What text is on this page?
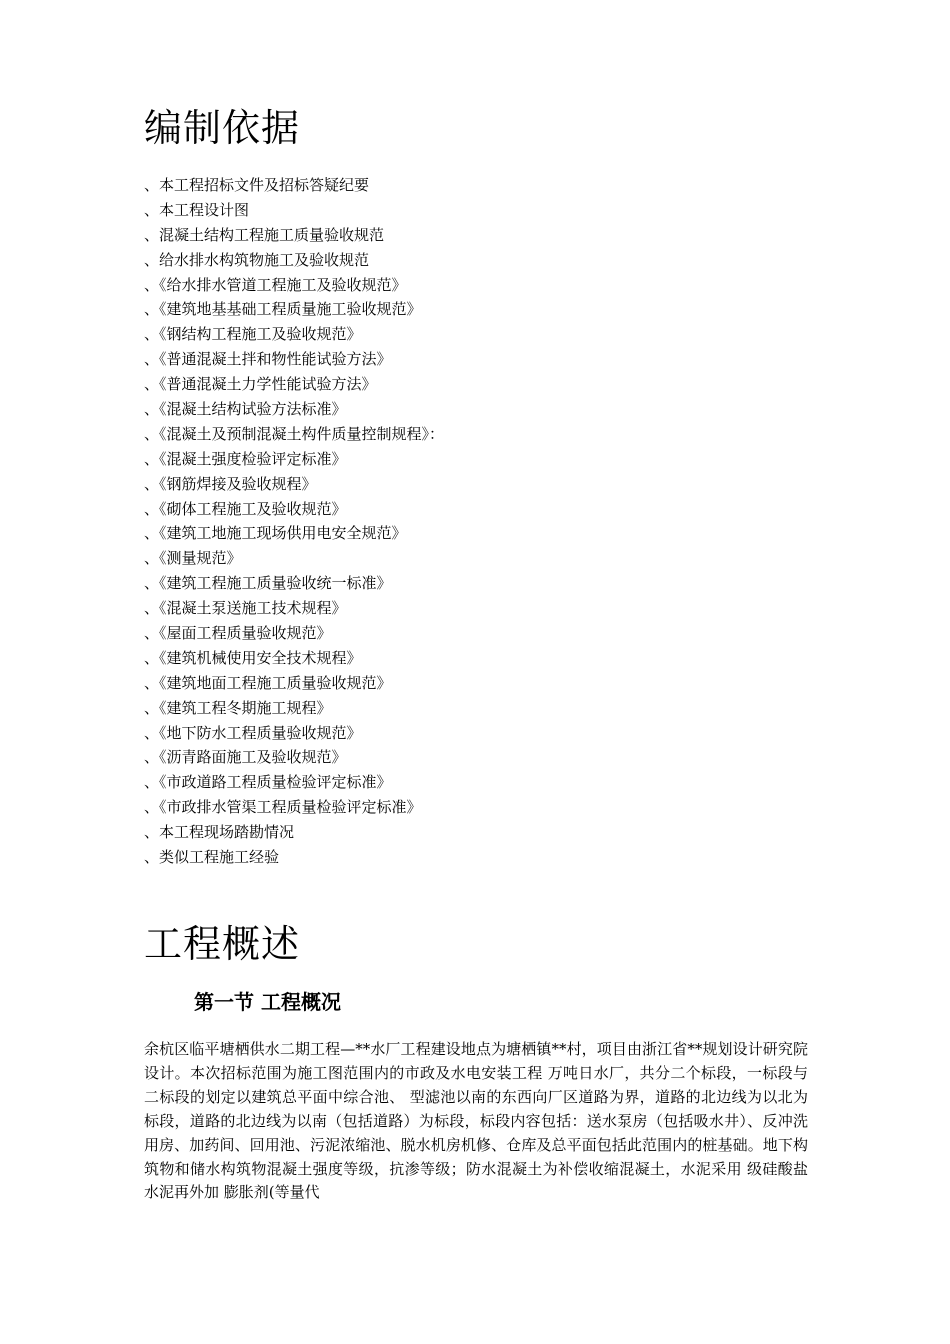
编制依据
、本工程招标文件及招标答疑纪要
、本工程设计图
、混凝土结构工程施工质量验收规范
、给水排水构筑物施工及验收规范
、《给水排水管道工程施工及验收规范》
、《建筑地基基础工程质量施工验收规范》
、《钢结构工程施工及验收规范》
、《普通混凝土拌和物性能试验方法》
、《普通混凝土力学性能试验方法》
、《混凝土结构试验方法标准》
、《混凝土及预制混凝土构件质量控制规程》：
、《混凝土强度检验评定标准》
、《钢筋焊接及验收规程》
、《砌体工程施工及验收规范》
、《建筑工地施工现场供用电安全规范》
、《测量规范》
、《建筑工程施工质量验收统一标准》
、《混凝土泵送施工技术规程》
、《屋面工程质量验收规范》
、《建筑机械使用安全技术规程》
、《建筑地面工程施工质量验收规范》
、《建筑工程冬期施工规程》
、《地下防水工程质量验收规范》
、《沥青路面施工及验收规范》
、《市政道路工程质量检验评定标准》
、《市政排水管渠工程质量检验评定标准》
、本工程现场踏勘情况
、类似工程施工经验
工程概述
第一节 工程概况

余杭区临平塘栖供水二期工程—**水厂工程建设地点为塘栖镇**村，项目由浙江省**规划设计研究院设计。本次招标范围为施工图范围内的市政及水电安装工程 万吨日水厂，共分二个标段，一标段与二标段的划定以建筑总平面中综合池、 型滤池以南的东西向厂区道路为界，道路的北边线为以北为标段，道路的北边线为以南（包括道路）为标段，标段内容包括：送水泵房（包括吸水井）、反冲洗用房、加药间、回用池、污泥浓缩池、脱水机房机修、仓库及总平面包括此范围内的桩基础。地下构筑物和储水构筑物混凝土强度等级，抗渗等级；防水混凝土为补偿收缩混凝土，水泥采用 级硅酸盐水泥再外加 膨胀剂(等量代
